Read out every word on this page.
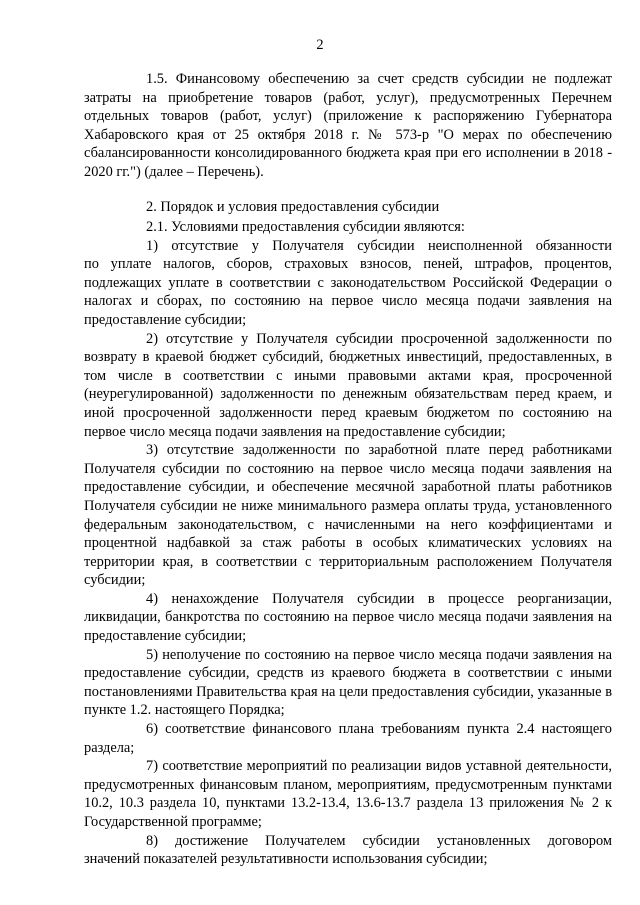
2

1.5. Финансовому обеспечению за счет средств субсидии не подлежат затраты на приобретение товаров (работ, услуг), предусмотренных Перечнем отдельных товаров (работ, услуг) (приложение к распоряжению Губернатора Хабаровского края от 25 октября 2018 г. № 573-р "О мерах по обеспечению сбалансированности консолидированного бюджета края при его исполнении в 2018 - 2020 гг.") (далее – Перечень).

2. Порядок и условия предоставления субсидии

2.1. Условиями предоставления субсидии являются:

1) отсутствие у Получателя субсидии неисполненной обязанности

по уплате налогов, сборов, страховых взносов, пеней, штрафов, процентов, подлежащих уплате в соответствии с законодательством Российской Федерации о налогах и сборах, по состоянию на первое число месяца подачи заявления на предоставление субсидии;

2) отсутствие у Получателя субсидии просроченной задолженности по возврату в краевой бюджет субсидий, бюджетных инвестиций, предоставленных, в том числе в соответствии с иными правовыми актами края, просроченной (неурегулированной) задолженности по денежным обязательствам перед краем, и иной просроченной задолженности перед краевым бюджетом по состоянию на первое число месяца подачи заявления на предоставление субсидии;

3) отсутствие задолженности по заработной плате перед работниками Получателя субсидии по состоянию на первое число месяца подачи заявления на предоставление субсидии, и обеспечение месячной заработной платы работников Получателя субсидии не ниже минимального размера оплаты труда, установленного федеральным законодательством, с начисленными на него коэффициентами и процентной надбавкой за стаж работы в особых климатических условиях на территории края, в соответствии с территориальным расположением Получателя субсидии;

4) ненахождение Получателя субсидии в процессе реорганизации, ликвидации, банкротства по состоянию на первое число месяца подачи заявления на предоставление субсидии;

5) неполучение по состоянию на первое число месяца подачи заявления на предоставление субсидии, средств из краевого бюджета в соответствии с иными постановлениями Правительства края на цели предоставления субсидии, указанные в пункте 1.2. настоящего Порядка;

6) соответствие финансового плана требованиям пункта 2.4 настоящего раздела;

7) соответствие мероприятий по реализации видов уставной деятельности, предусмотренных финансовым планом, мероприятиям, предусмотренным пунктами 10.2, 10.3 раздела 10, пунктами 13.2-13.4, 13.6-13.7 раздела 13 приложения № 2 к Государственной программе;

8) достижение Получателем субсидии установленных договором

значений показателей результативности использования субсидии;
